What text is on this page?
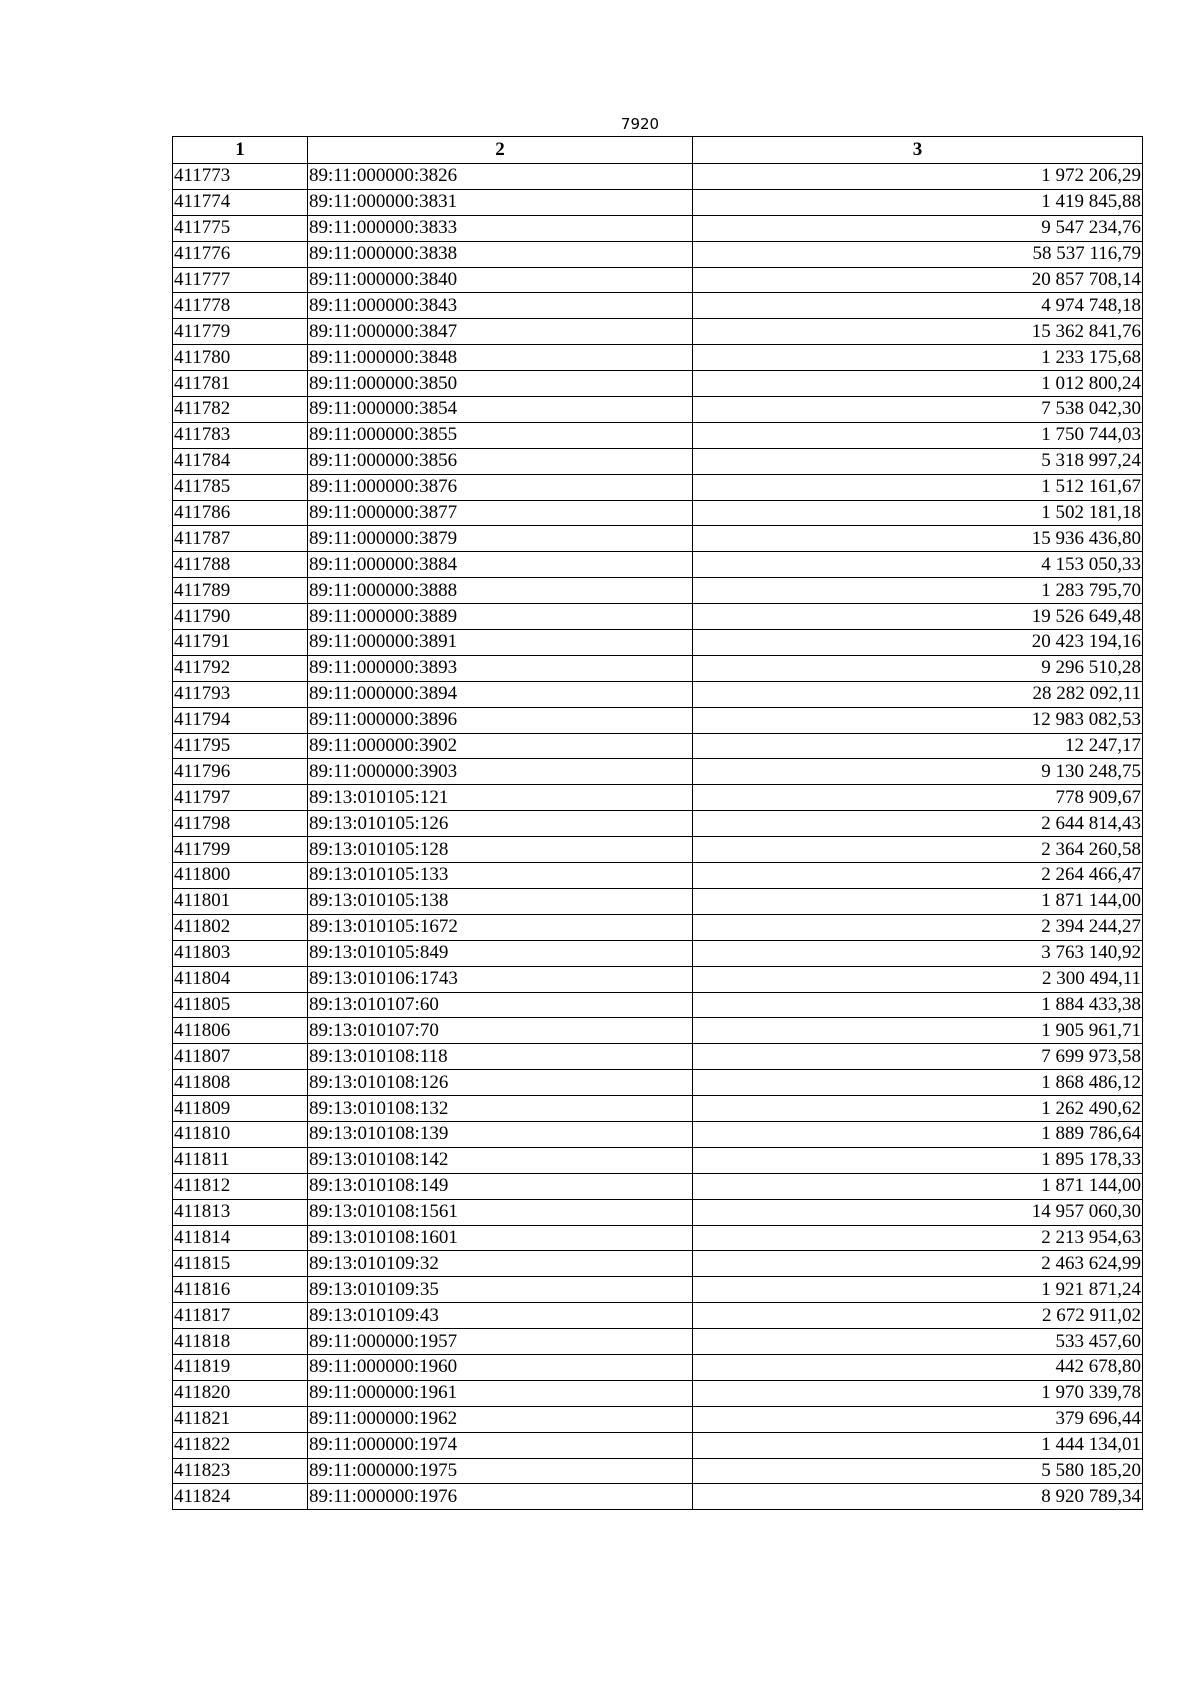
7920
1	2	3
411773	89:11:000000:3826	1 972 206,29
411774	89:11:000000:3831	1 419 845,88
411775	89:11:000000:3833	9 547 234,76
411776	89:11:000000:3838	58 537 116,79
411777	89:11:000000:3840	20 857 708,14
411778	89:11:000000:3843	4 974 748,18
411779	89:11:000000:3847	15 362 841,76
411780	89:11:000000:3848	1 233 175,68
411781	89:11:000000:3850	1 012 800,24
411782	89:11:000000:3854	7 538 042,30
411783	89:11:000000:3855	1 750 744,03
411784	89:11:000000:3856	5 318 997,24
411785	89:11:000000:3876	1 512 161,67
411786	89:11:000000:3877	1 502 181,18
411787	89:11:000000:3879	15 936 436,80
411788	89:11:000000:3884	4 153 050,33
411789	89:11:000000:3888	1 283 795,70
411790	89:11:000000:3889	19 526 649,48
411791	89:11:000000:3891	20 423 194,16
411792	89:11:000000:3893	9 296 510,28
411793	89:11:000000:3894	28 282 092,11
411794	89:11:000000:3896	12 983 082,53
411795	89:11:000000:3902	12 247,17
411796	89:11:000000:3903	9 130 248,75
411797	89:13:010105:121	778 909,67
411798	89:13:010105:126	2 644 814,43
411799	89:13:010105:128	2 364 260,58
411800	89:13:010105:133	2 264 466,47
411801	89:13:010105:138	1 871 144,00
411802	89:13:010105:1672	2 394 244,27
411803	89:13:010105:849	3 763 140,92
411804	89:13:010106:1743	2 300 494,11
411805	89:13:010107:60	1 884 433,38
411806	89:13:010107:70	1 905 961,71
411807	89:13:010108:118	7 699 973,58
411808	89:13:010108:126	1 868 486,12
411809	89:13:010108:132	1 262 490,62
411810	89:13:010108:139	1 889 786,64
411811	89:13:010108:142	1 895 178,33
411812	89:13:010108:149	1 871 144,00
411813	89:13:010108:1561	14 957 060,30
411814	89:13:010108:1601	2 213 954,63
411815	89:13:010109:32	2 463 624,99
411816	89:13:010109:35	1 921 871,24
411817	89:13:010109:43	2 672 911,02
411818	89:11:000000:1957	533 457,60
411819	89:11:000000:1960	442 678,80
411820	89:11:000000:1961	1 970 339,78
411821	89:11:000000:1962	379 696,44
411822	89:11:000000:1974	1 444 134,01
411823	89:11:000000:1975	5 580 185,20
411824	89:11:000000:1976	8 920 789,34
